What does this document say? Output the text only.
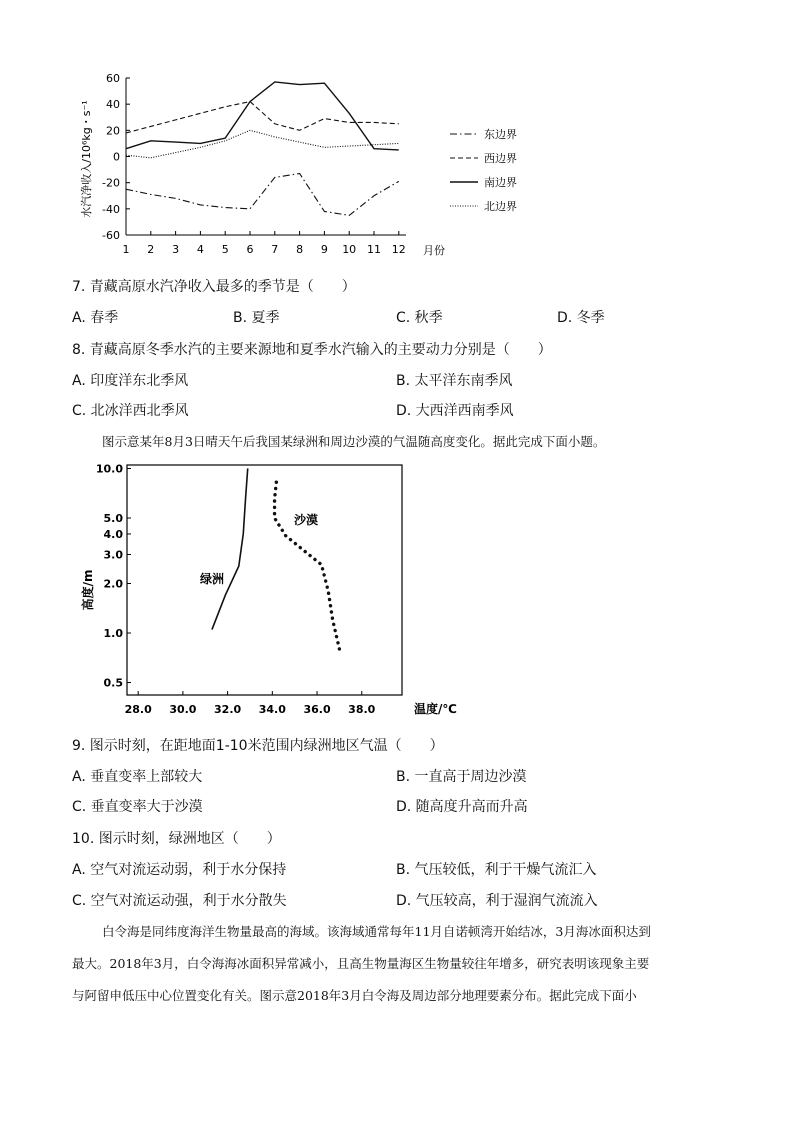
水汽净收入/10⁶kg・s⁻¹
60
40
20
0
-20
-40
-60
1 2 3 4 5 6 7 8 9 10 11 12 月份
东边界
西边界
南边界
北边界
7. 青藏高原水汽净收入最多的季节是（　　）
A. 春季	B. 夏季	C. 秋季	D. 冬季
8. 青藏高原冬季水汽的主要来源地和夏季水汽输入的主要动力分别是（　　）
A. 印度洋东北季风	B. 太平洋东南季风
C. 北冰洋西北季风	D. 大西洋西南季风
图示意某年8月3日晴天午后我国某绿洲和周边沙漠的气温随高度变化。据此完成下面小题。
高度/m
温度/℃
绿洲
沙漠
28.0 30.0 32.0 34.0 36.0 38.0
10.0
5.0
4.0
3.0
2.0
1.0
0.5
9. 图示时刻，在距地面1-10米范围内绿洲地区气温（　　）
A. 垂直变率上部较大	B. 一直高于周边沙漠
C. 垂直变率大于沙漠	D. 随高度升高而升高
10. 图示时刻，绿洲地区（　　）
A. 空气对流运动弱，利于水分保持	B. 气压较低，利于干燥气流汇入
C. 空气对流运动强，利于水分散失	D. 气压较高，利于湿润气流流入
白令海是同纬度海洋生物量最高的海域。该海域通常每年11月自诺顿湾开始结冰，3月海冰面积达到
最大。2018年3月，白令海海冰面积异常减小，且高生物量海区生物量较往年增多，研究表明该现象主要
与阿留申低压中心位置变化有关。图示意2018年3月白令海及周边部分地理要素分布。据此完成下面小
